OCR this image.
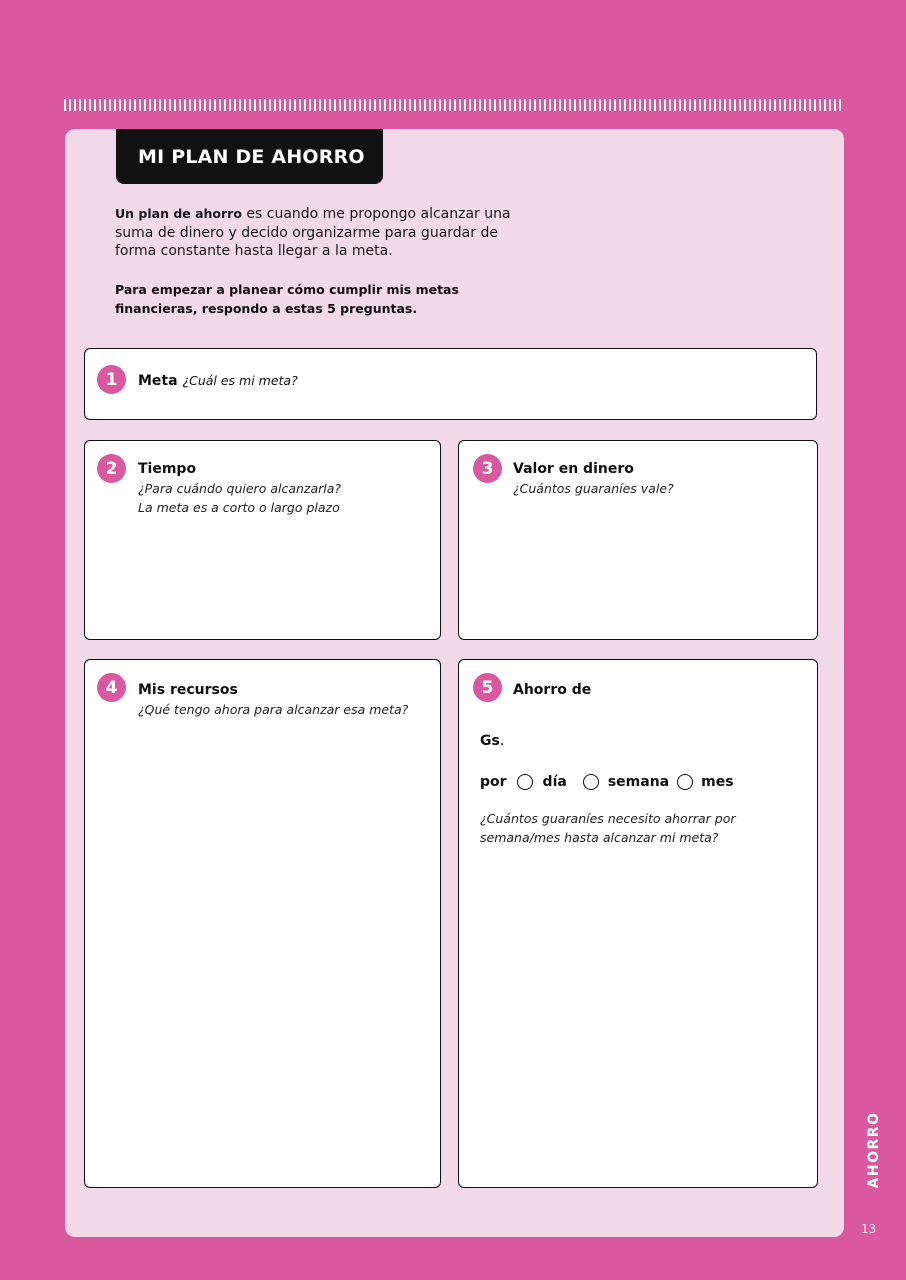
MI PLAN DE AHORRO
Un plan de ahorro es cuando me propongo alcanzar una suma de dinero y decido organizarme para guardar de forma constante hasta llegar a la meta.
Para empezar a planear cómo cumplir mis metas financieras, respondo a estas 5 preguntas.
1	Meta ¿Cuál es mi meta?
2	Tiempo
¿Para cuándo quiero alcanzarla?
La meta es a corto o largo plazo
3	Valor en dinero
¿Cuántos guaraníes vale?
4	Mis recursos
¿Qué tengo ahora para alcanzar esa meta?
5	Ahorro de
Gs.
por	día	semana mes
¿Cuántos guaraníes necesito ahorrar por
semana/mes hasta alcanzar mi meta?
AHORRO
13
